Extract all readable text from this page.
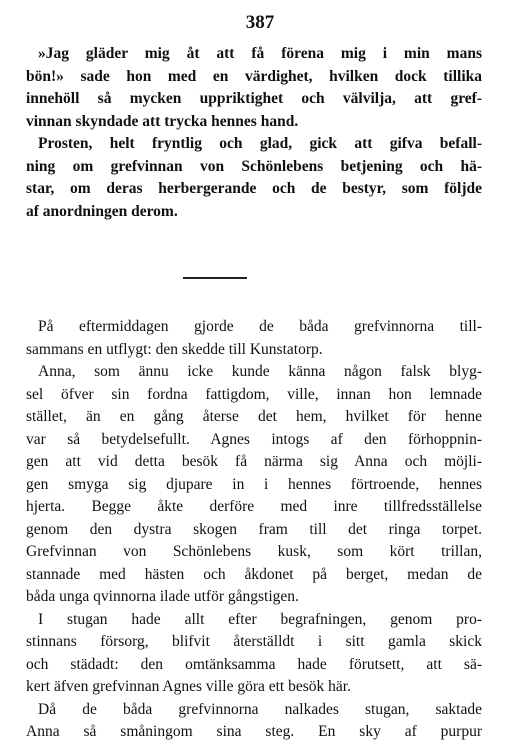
387
»Jag gläder mig åt att få förena mig i min mans
bön!» sade hon med en värdighet, hvilken dock tillika
innehöll så mycken uppriktighet och välvilja, att gref-
vinnan skyndade att trycka hennes hand.
Prosten, helt fryntlig och glad, gick att gifva befall-
ning om grefvinnan von Schönlebens betjening och hä-
star, om deras herbergerande och de bestyr, som följde
af anordningen derom.
På eftermiddagen gjorde de båda grefvinnorna till-
sammans en utflygt: den skedde till Kunstatorp.
Anna, som ännu icke kunde känna någon falsk blyg-
sel öfver sin fordna fattigdom, ville, innan hon lemnade
stället, än en gång återse det hem, hvilket för henne
var så betydelsefullt. Agnes intogs af den förhoppnin-
gen att vid detta besök få närma sig Anna och möjli-
gen smyga sig djupare in i hennes förtroende, hennes
hjerta. Begge åkte derföre med inre tillfredsställelse
genom den dystra skogen fram till det ringa torpet.
Grefvinnan von Schönlebens kusk, som kört trillan,
stannade med hästen och åkdonet på berget, medan de
båda unga qvinnorna ilade utför gångstigen.
I stugan hade allt efter begrafningen, genom pro-
stinnans försorg, blifvit återställdt i sitt gamla skick
och städadt: den omtänksamma hade förutsett, att sä-
kert äfven grefvinnan Agnes ville göra ett besök här.
Då de båda grefvinnorna nalkades stugan, saktade
Anna så småningom sina steg. En sky af purpur
